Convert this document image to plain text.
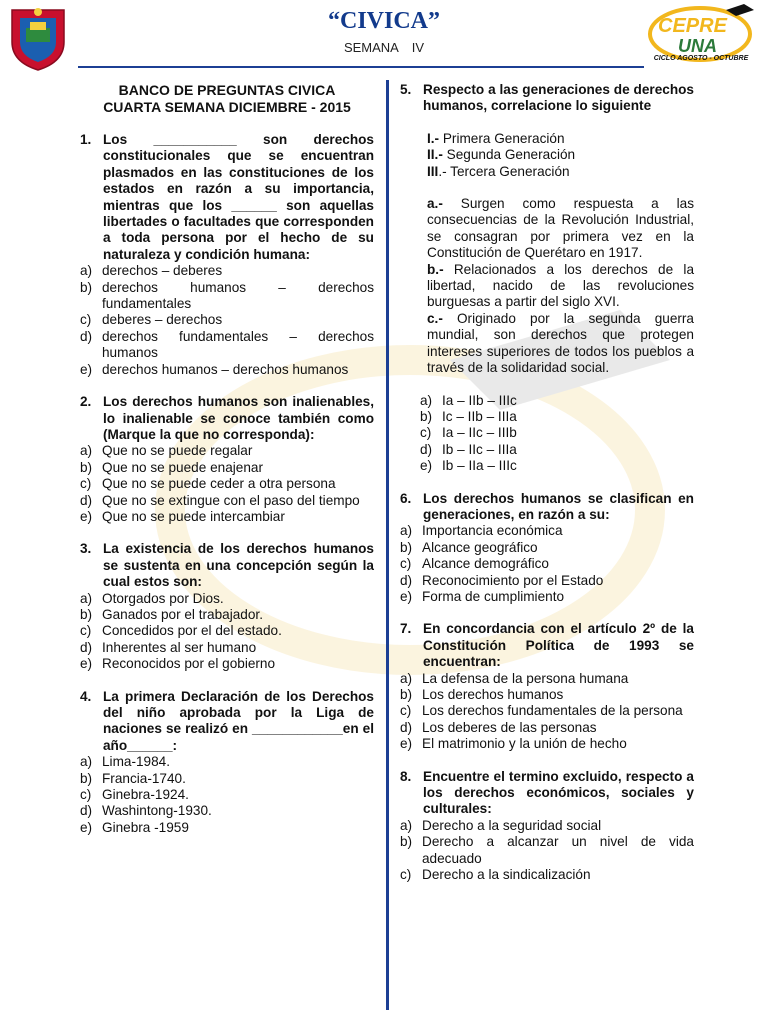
“CIVICA”
SEMANA IV
CEPRE
UNA
CICLO AGOSTO - OCTUBRE
BANCO DE PREGUNTAS CIVICA
CUARTA SEMANA DICIEMBRE - 2015
1. Los ___________ son derechos constitucionales que se encuentran plasmados en las constituciones de los estados en razón a su importancia, mientras que los ______ son aquellas libertades o facultades que corresponden a toda persona por el hecho de su naturaleza y condición humana:
a) derechos – deberes
b) derechos humanos – derechos fundamentales
c) deberes – derechos
d) derechos fundamentales – derechos humanos
e) derechos humanos – derechos humanos
2. Los derechos humanos son inalienables, lo inalienable se conoce también como (Marque la que no corresponda):
a) Que no se puede regalar
b) Que no se puede enajenar
c) Que no se puede ceder a otra persona
d) Que no se extingue con el paso del tiempo
e) Que no se puede intercambiar
3. La existencia de los derechos humanos se sustenta en una concepción según la cual estos son:
a) Otorgados por Dios.
b) Ganados por el trabajador.
c) Concedidos por el del estado.
d) Inherentes al ser humano
e) Reconocidos por el gobierno
4. La primera Declaración de los Derechos del niño aprobada por la Liga de naciones se realizó en ____________en el año______:
a) Lima-1984.
b) Francia-1740.
c) Ginebra-1924.
d) Washintong-1930.
e) Ginebra -1959
5. Respecto a las generaciones de derechos humanos, correlacione lo siguiente
I.- Primera Generación
II.- Segunda Generación
III.- Tercera Generación
a.- Surgen como respuesta a las consecuencias de la Revolución Industrial, se consagran por primera vez en la Constitución de Querétaro en 1917.
b.- Relacionados a los derechos de la libertad, nacido de las revoluciones burguesas a partir del siglo XVI.
c.- Originado por la segunda guerra mundial, son derechos que protegen intereses superiores de todos los pueblos a través de la solidaridad social.
a) Ia – IIb – IIIc
b) Ic – IIb – IIIa
c) Ia – IIc – IIIb
d) Ib – IIc – IIIa
e) Ib – IIa – IIIc
6. Los derechos humanos se clasifican en generaciones, en razón a su:
a) Importancia económica
b) Alcance geográfico
c) Alcance demográfico
d) Reconocimiento por el Estado
e) Forma de cumplimiento
7. En concordancia con el artículo 2º de la Constitución Política de 1993 se encuentran:
a) La defensa de la persona humana
b) Los derechos humanos
c) Los derechos fundamentales de la persona
d) Los deberes de las personas
e) El matrimonio y la unión de hecho
8. Encuentre el termino excluido, respecto a los derechos económicos, sociales y culturales:
a) Derecho a la seguridad social
b) Derecho a alcanzar un nivel de vida adecuado
c) Derecho a la sindicalización
